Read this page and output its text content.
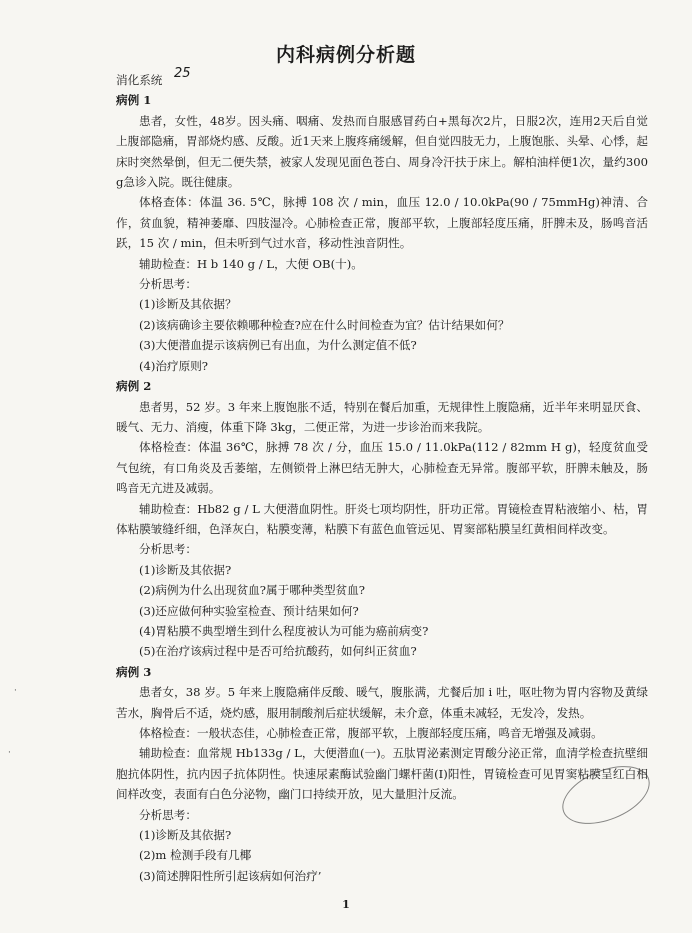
内科病例分析题
消化系统 25
病例 1

患者，女性，48岁。因头痛、咽痛、发热而自服感冒药白+黑每次2片，日服2次，连用2天后自觉上腹部隐痛，胃部烧灼感、反酸。近1天来上腹疼痛缓解，但自觉四肢无力，上腹饱胀、头晕、心悸，起床时突然晕倒，但无二便失禁，被家人发现见面色苍白、周身冷汗扶于床上。解柏油样便1次，量约300 g急诊入院。既往健康。

体格查体：体温 36. 5℃，脉搏 108 次 / min，血压 12.0 / 10.0kPa(90 / 75mmHg)神清、合作，贫血貌，精神萎靡、四肢湿冷。心肺检查正常，腹部平软，上腹部轻度压痛，肝脾未及，肠鸣音活跃，15 次 / min，但未听到气过水音，移动性浊音阴性。

辅助检查：H b 140 g / L，大便 OB(十)。

分析思考：

(1)诊断及其依据？

(2)该病确诊主要依赖哪种检查?应在什么时间检查为宜？估计结果如何？

(3)大便潜血提示该病例已有出血，为什么测定值不低?

(4)治疗原则?

病例 2

患者男，52 岁。3 年来上腹饱胀不适，特别在餐后加重，无规律性上腹隐痛，近半年来明显厌食、暖气、无力、消瘦，体重下降 3kg，二便正常，为进一步诊治而来我院。

体格检查：体温 36℃，脉搏 78 次 / 分，血压 15.0 / 11.0kPa(112 / 82mm H g)，轻度贫血受气包统，有口角炎及舌萎缩，左侧锁骨上淋巴结无肿大，心肺检查无异常。腹部平软，肝脾未触及，肠鸣音无亢进及减弱。

辅助检查：Hb82 g / L 大便潜血阴性。肝炎七项均阴性，肝功正常。胃镜检查胃粘液缩小、枯，胃体粘膜皱缝纤细，色泽灰白，粘膜变薄，粘膜下有蓝色血管远见、胃窦部粘膜呈红黄相间样改变。

分析思考：

(1)诊断及其依据?

(2)病例为什么出现贫血?属于哪种类型贫血?

(3)还应做何种实验室检查、预计结果如何?

(4)胃粘膜不典型增生到什么程度被认为可能为癌前病变?

(5)在治疗该病过程中是否可给抗酸药，如何纠正贫血?

病例 3

患者女，38 岁。5 年来上腹隐痛伴反酸、暖气，腹胀满，尤餐后加 i 吐，呕吐物为胃内容物及黄绿苦水，胸骨后不适，烧灼感，服用制酸剂后症状缓解，未介意，体重未减轻，无发冷，发热。

体格检查：一般状态佳，心肺检查正常，腹部平软，上腹部轻度压痛，鸣音无增强及减弱。

辅助检查：血常规 Hb133g / L，大便潜血(一)。五肽胃泌素测定胃酸分泌正常，血清学检查抗壁细胞抗体阴性，抗内因子抗体阴性。快速尿素酶试验幽门螺杆菌(I)阳性，胃镜检查可见胃窦粘膜呈红白相间样改变，表面有白色分泌物，幽门口持续开放，见大量胆汁反流。

分析思考：

(1)诊断及其依据?

(2)m 检测手段有几椰

(3)简述脾阳性所引起该病如何治疗’

·
·
1
